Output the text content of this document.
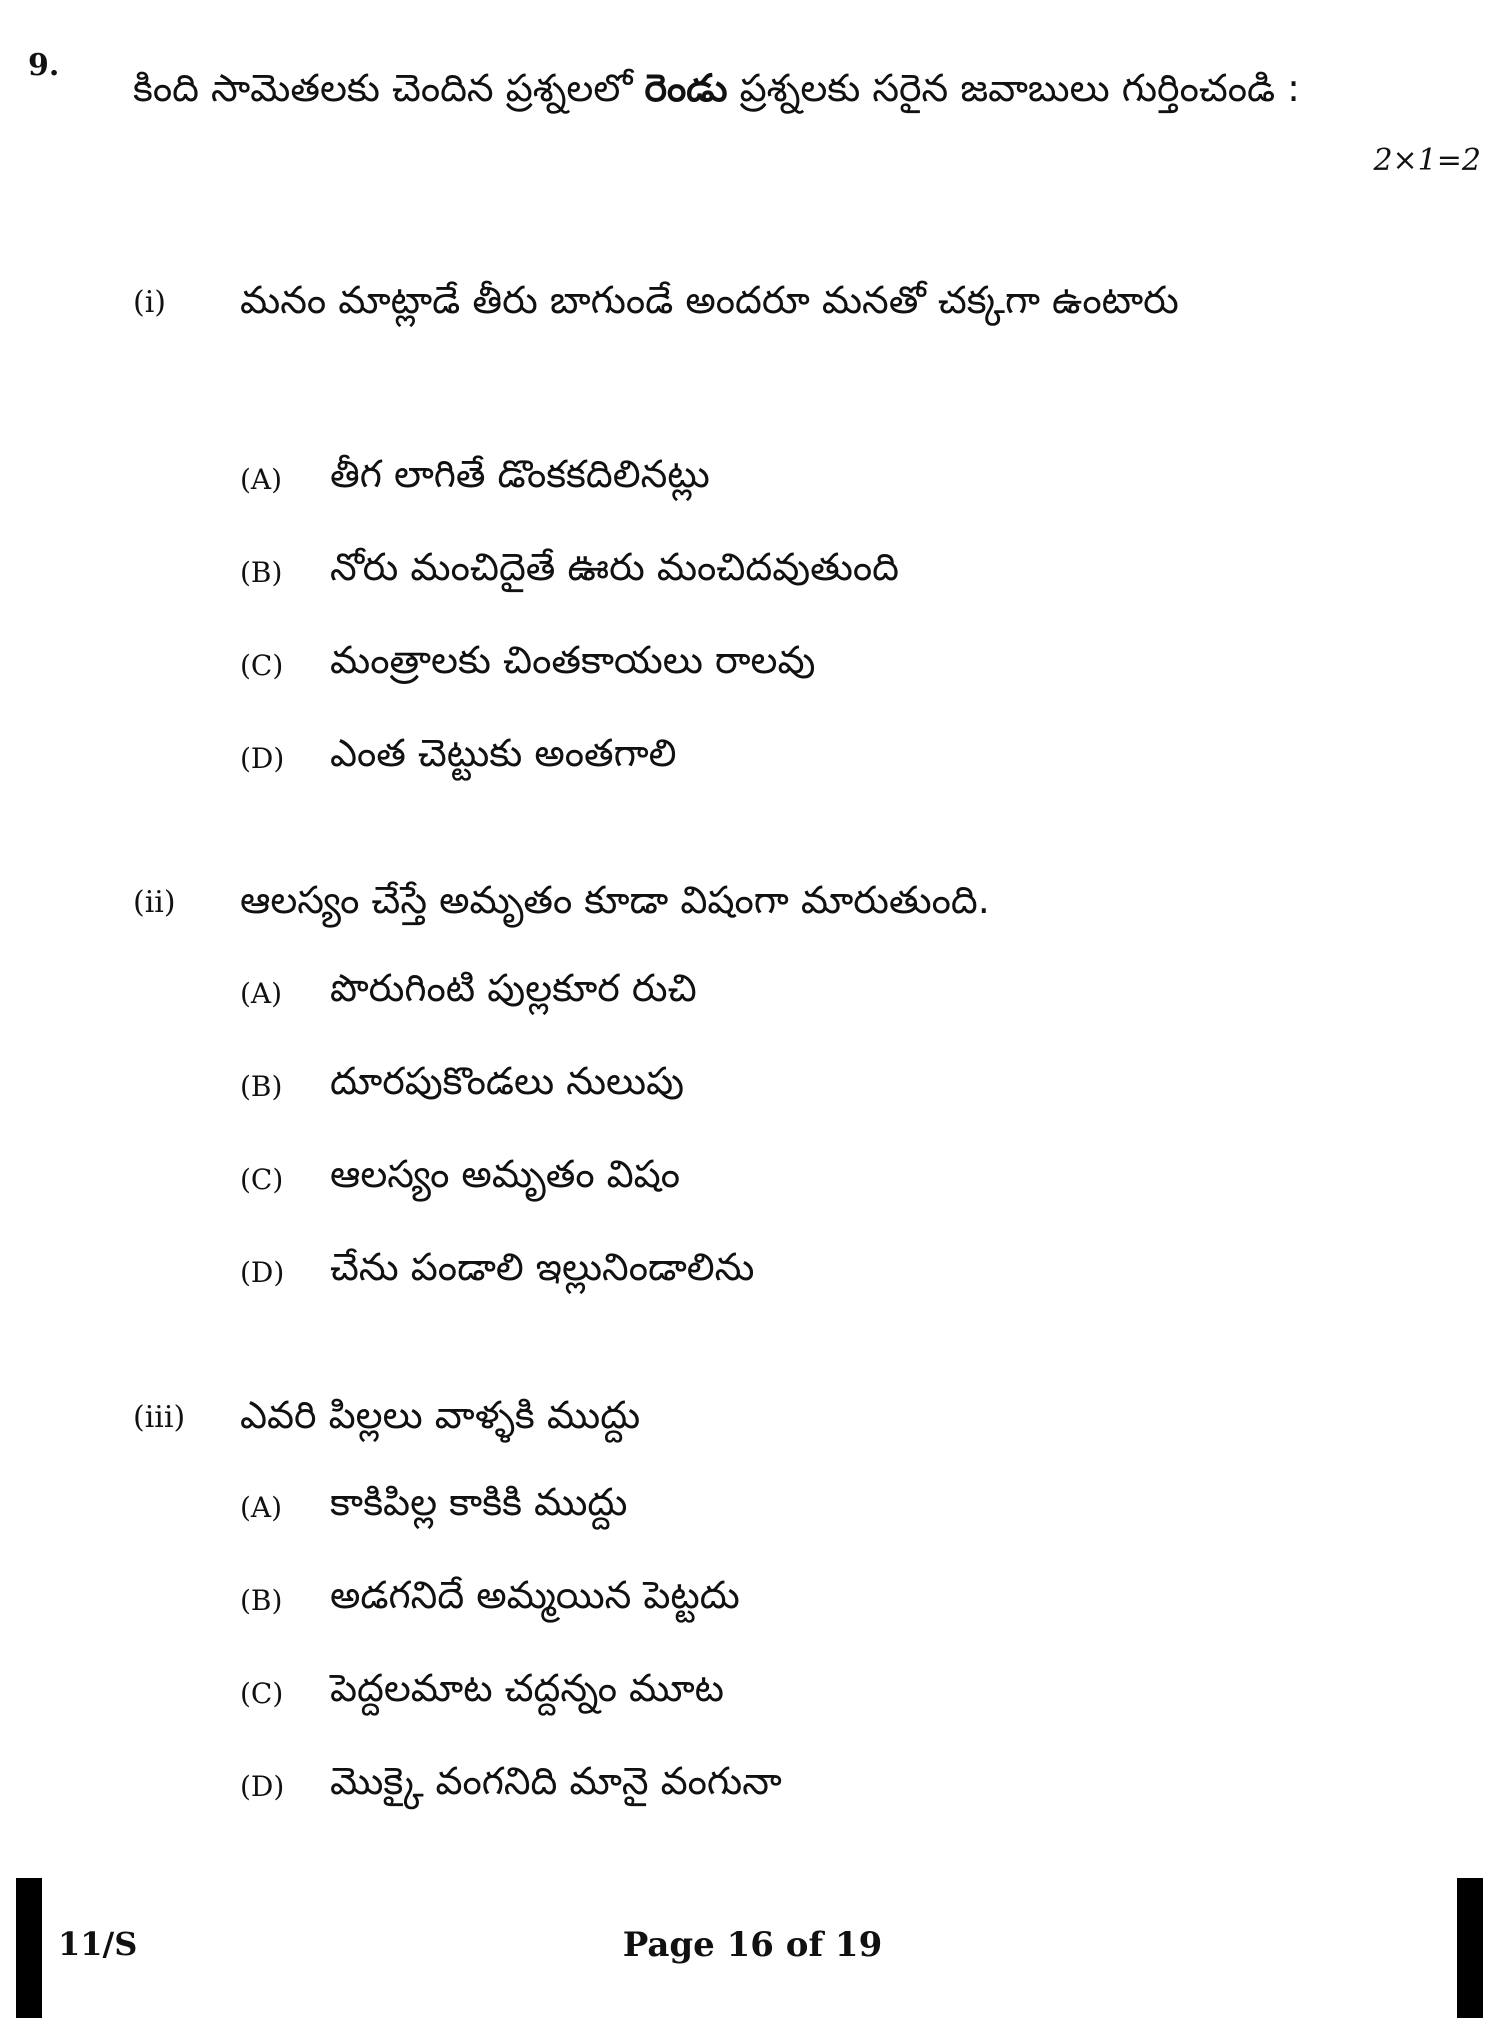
9.
కింది సామెతలకు చెందిన ప్రశ్నలలో రెండు ప్రశ్నలకు సరైన జవాబులు గుర్తించండి :
2×1=2
(i) మనం మాట్లాడే తీరు బాగుండే అందరూ మనతో చక్కగా ఉంటారు
(A) తీగ లాగితే డొంకకదిలినట్లు
(B) నోరు మంచిదైతే ఊరు మంచిదవుతుంది
(C) మంత్రాలకు చింతకాయలు రాలవు
(D) ఎంత చెట్టుకు అంతగాలి
(ii) ఆలస్యం చేస్తే అమృతం కూడా విషంగా మారుతుంది.
(A) పొరుగింటి పుల్లకూర రుచి
(B) దూరపుకొండలు నులుపు
(C) ఆలస్యం అమృతం విషం
(D) చేను పండాలి ఇల్లునిండాలిను
(iii) ఎవరి పిల్లలు వాళ్ళకి ముద్దు
(A) కాకిపిల్ల కాకికి ముద్దు
(B) అడగనిదే అమ్మయిన పెట్టదు
(C) పెద్దలమాట చద్దన్నం మూట
(D) మొక్కై వంగనిది మానై వంగునా
11/S	Page 16 of 19
